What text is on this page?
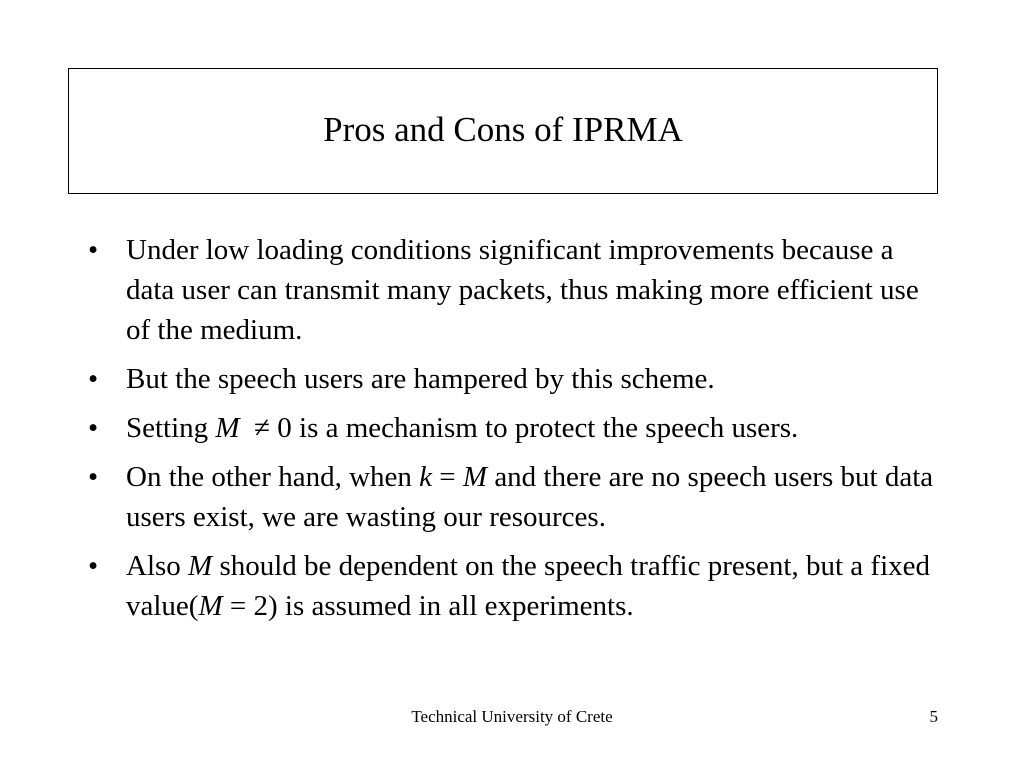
Pros and Cons of IPRMA
• Under low loading conditions significant improvements because a data user can transmit many packets, thus making more efficient use of the medium.
• But the speech users are hampered by this scheme.
• Setting M  ≠ 0 is a mechanism to protect the speech users.
• On the other hand, when k = M and there are no speech users but data users exist, we are wasting our resources.
• Also M should be dependent on the speech traffic present, but a fixed value(M = 2) is assumed in all experiments.
Technical University of Crete	5
